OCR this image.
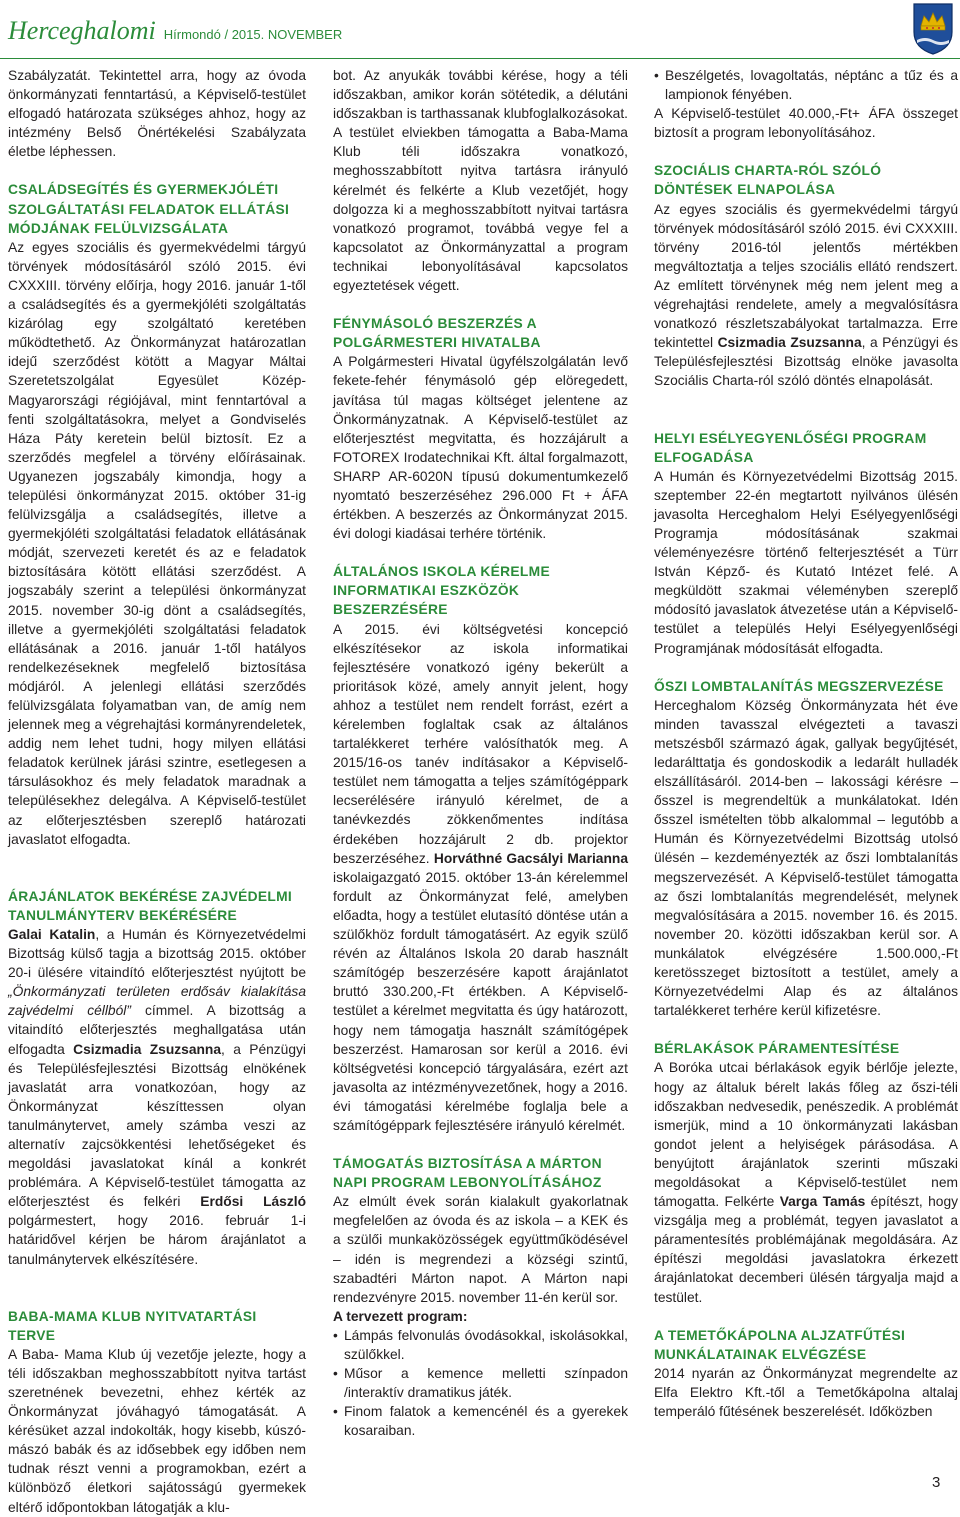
Herceghalomi Hírmondó / 2015. NOVEMBER

Szabályzatát. Tekintettel arra, hogy az óvoda önkormányzati fenntartású, a Képviselő-testület elfogadó határozata szükséges ahhoz, hogy az intézmény Belső Önértékelési Szabályzata életbe léphessen.

CSALÁDSEGÍTÉS ÉS GYERMEKJÓLÉTI SZOLGÁLTATÁSI FELADATOK ELLÁTÁSI MÓDJÁNAK FELÜLVIZSGÁLATA

Az egyes szociális és gyermekvédelmi tárgyú törvények módosításáról szóló 2015. évi CXXXIII. törvény előírja, hogy 2016. január 1-től a családsegítés és a gyermekjóléti szolgáltatás kizárólag egy szolgáltató keretében működtethető. Az Önkormányzat határozatlan idejű szerződést kötött a Magyar Máltai Szeretetszolgálat Egyesület Közép-Magyarországi régiójával, mint fenntartóval a fenti szolgáltatásokra, melyet a Gondviselés Háza Páty keretein belül biztosít. Ez a szerződés megfelel a törvény előírásainak. Ugyanezen jogszabály kimondja, hogy a települési önkormányzat 2015. október 31-ig felülvizsgálja a családsegítés, illetve a gyermekjóléti szolgáltatási feladatok ellátásának módját, szervezeti keretét és az e feladatok biztosítására kötött ellátási szerződést. A jogszabály szerint a települési önkormányzat 2015. november 30-ig dönt a családsegítés, illetve a gyermekjóléti szolgáltatási feladatok ellátásának a 2016. január 1-től hatályos rendelkezéseknek megfelelő biztosítása módjáról. A jelenlegi ellátási szerződés felülvizsgálata folyamatban van, de amíg nem jelennek meg a végrehajtási kormányrendeletek, addig nem lehet tudni, hogy milyen ellátási feladatok kerülnek járási szintre, esetlegesen a társulásokhoz és mely feladatok maradnak a településekhez delegálva. A Képviselő-testület az előterjesztésben szereplő határozati javaslatot elfogadta.

ÁRAJÁNLATOK BEKÉRÉSE ZAJVÉDELMI TANULMÁNYTERV BEKÉRÉSÉRE

Galai Katalin, a Humán és Környezetvédelmi Bizottság külső tagja a bizottság 2015. október 20-i ülésére vitaindító előterjesztést nyújtott be „Önkormányzati területen erdősáv kialakítása zajvédelmi céllból” címmel. A bizottság a vitaindító előterjesztés meghallgatása után elfogadta Csizmadia Zsuzsanna, a Pénzügyi és Településfejlesztési Bizottság elnökének javaslatát arra vonatkozóan, hogy az Önkormányzat készíttessen olyan tanulmánytervet, amely számba veszi az alternatív zajcsökkentési lehetőségeket és megoldási javaslatokat kínál a konkrét problémára. A Képviselő-testület támogatta az előterjesztést és felkéri Erdősi László polgármestert, hogy 2016. február 1-i határidővel kérjen be három árajánlatot a tanulmánytervek elkészítésére.

BABA-MAMA KLUB NYITVATARTÁSI TERVE

A Baba- Mama Klub új vezetője jelezte, hogy a téli időszakban meghosszabbított nyitva tartást szeretnének bevezetni, ehhez kérték az Önkormányzat jóváhagyó támogatását. A kérésüket azzal indokolták, hogy kisebb, kúszó-mászó babák és az idősebbek egy időben nem tudnak részt venni a programokban, ezért a különböző életkori sajátosságú gyermekek eltérő időpontokban látogatják a klu-

bot. Az anyukák további kérése, hogy a téli időszakban, amikor korán sötétedik, a délutáni időszakban is tarthassanak klubfoglalkozásokat. A testület elviekben támogatta a Baba-Mama Klub téli időszakra vonatkozó, meghosszabbított nyitva tartásra irányuló kérelmét és felkérte a Klub vezetőjét, hogy dolgozza ki a meghosszabbított nyitvai tartásra vonatkozó programot, továbbá vegye fel a kapcsolatot az Önkormányzattal a program technikai lebonyolításával kapcsolatos egyeztetések végett.

FÉNYMÁSOLÓ BESZERZÉS A POLGÁRMESTERI HIVATALBA

A Polgármesteri Hivatal ügyfélszolgálatán levő fekete-fehér fénymásoló gép elöregedett, javítása túl magas költséget jelentene az Önkormányzatnak. A Képviselő-testület az előterjesztést megvitatta, és hozzájárult a FOTOREX Irodatechnikai Kft. által forgalmazott, SHARP AR-6020N típusú dokumentumkezelő nyomtató beszerzéséhez 296.000 Ft + ÁFA értékben. A beszerzés az Önkormányzat 2015. évi dologi kiadásai terhére történik.

ÁLTALÁNOS ISKOLA KÉRELME INFORMATIKAI ESZKÖZÖK BESZERZÉSÉRE

A 2015. évi költségvetési koncepció elkészítésekor az iskola informatikai fejlesztésére vonatkozó igény bekerült a prioritások közé, amely annyit jelent, hogy ahhoz a testület nem rendelt forrást, ezért a kérelemben foglaltak csak az általános tartalékkeret terhére valósíthatók meg. A 2015/16-os tanév indításakor a Képviselő-testület nem támogatta a teljes számítógéppark lecserélésére irányuló kérelmet, de a tanévkezdés zökkenőmentes indítása érdekében hozzájárult 2 db. projektor beszerzéséhez. Horváthné Gacsályi Marianna iskolaigazgató 2015. október 13-án kérelemmel fordult az Önkormányzat felé, amelyben előadta, hogy a testület elutasító döntése után a szülőkhöz fordult támogatásért. Az egyik szülő révén az Általános Iskola 20 darab használt számítógép beszerzésére kapott árajánlatot bruttó 330.200,-Ft értékben. A Képviselő-testület a kérelmet megvitatta és úgy határozott, hogy nem támogatja használt számítógépek beszerzést. Hamarosan sor kerül a 2016. évi költségvetési koncepció tárgyalására, ezért azt javasolta az intézményvezetőnek, hogy a 2016. évi támogatási kérelmébe foglalja bele a számítógéppark fejlesztésére irányuló kérelmét.

TÁMOGATÁS BIZTOSÍTÁSA A MÁRTON NAPI PROGRAM LEBONYOLÍTÁSÁHOZ

Az elmúlt évek során kialakult gyakorlatnak megfelelően az óvoda és az iskola – a KEK és a szülői munkaközösségek együttműködésével – idén is megrendezi a községi szintű, szabadtéri Márton napot. A Márton napi rendezvényre 2015. november 11-én kerül sor.

A tervezett program:

• Lámpás felvonulás óvodásokkal, iskolásokkal, szülőkkel.
• Műsor a kemence melletti színpadon /interaktív dramatikus játék.
• Finom falatok a kemencénél és a gyerekek kosaraiban.
• Beszélgetés, lovagoltatás, néptánc a tűz és a lampionok fényében.

A Képviselő-testület 40.000,-Ft+ ÁFA összeget biztosít a program lebonyolításához.

SZOCIÁLIS CHARTA-RÓL SZÓLÓ DÖNTÉSEK ELNAPOLÁSA

Az egyes szociális és gyermekvédelmi tárgyú törvények módosításáról szóló 2015. évi CXXXIII. törvény 2016-tól jelentős mértékben megváltoztatja a teljes szociális ellátó rendszert. Az említett törvénynek még nem jelent meg a végrehajtási rendelete, amely a megvalósításra vonatkozó részletszabályokat tartalmazza. Erre tekintettel Csizmadia Zsuzsanna, a Pénzügyi és Településfejlesztési Bizottság elnöke javasolta Szociális Charta-ról szóló döntés elnapolását.

HELYI ESÉLYEGYENLŐSÉGI PROGRAM ELFOGADÁSA

A Humán és Környezetvédelmi Bizottság 2015. szeptember 22-én megtartott nyilvános ülésén javasolta Herceghalom Helyi Esélyegyenlőségi Programja módosításának szakmai véleményezésre történő felterjesztését a Türr István Képző- és Kutató Intézet felé. A megküldött szakmai véleményben szereplő módosító javaslatok átvezetése után a Képviselő-testület a település Helyi Esélyegyenlőségi Programjának módosítását elfogadta.

ŐSZI LOMBTALANÍTÁS MEGSZERVEZÉSE

Herceghalom Község Önkormányzata hét éve minden tavasszal elvégezteti a tavaszi metszésből származó ágak, gallyak begyűjtését, ledarálttatja és gondoskodik a ledarált hulladék elszállításáról. 2014-ben – lakossági kérésre – ősszel is megrendeltük a munkálatokat. Idén ősszel ismételten több alkalommal – legutóbb a Humán és Környezetvédelmi Bizottság utolsó ülésén – kezdeményezték az őszi lombtalanítás megszervezését. A Képviselő-testület támogatta az őszi lombtalanítás megrendelését, melynek megvalósítására a 2015. november 16. és 2015. november 20. közötti időszakban kerül sor. A munkálatok elvégzésére 1.500.000,-Ft keretösszeget biztosított a testület, amely a Környezetvédelmi Alap és az általános tartalékkeret terhére kerül kifizetésre.

BÉRLAKÁSOK PÁRAMENTESÍTÉSE

A Boróka utcai bérlakások egyik bérlője jelezte, hogy az általuk bérelt lakás főleg az őszi-téli időszakban nedvesedik, penészedik. A problémát ismerjük, mind a 10 önkormányzati lakásban gondot jelent a helyiségek párásodása. A benyújtott árajánlatok szerinti műszaki megoldásokat a Képviselő-testület nem támogatta. Felkérte Varga Tamás építészt, hogy vizsgálja meg a problémát, tegyen javaslatot a páramentesítés problémájának megoldására. Az építészi megoldási javaslatokra érkezett árajánlatokat decemberi ülésén tárgyalja majd a testület.

A TEMETŐKÁPOLNA ALJZATFŰTÉSI MUNKÁLATAINAK ELVÉGZÉSE

2014 nyarán az Önkormányzat megrendelte az Elfa Elektro Kft.-től a Temetőkápolna altalaj temperáló fűtésének beszerelését. Időközben

3
